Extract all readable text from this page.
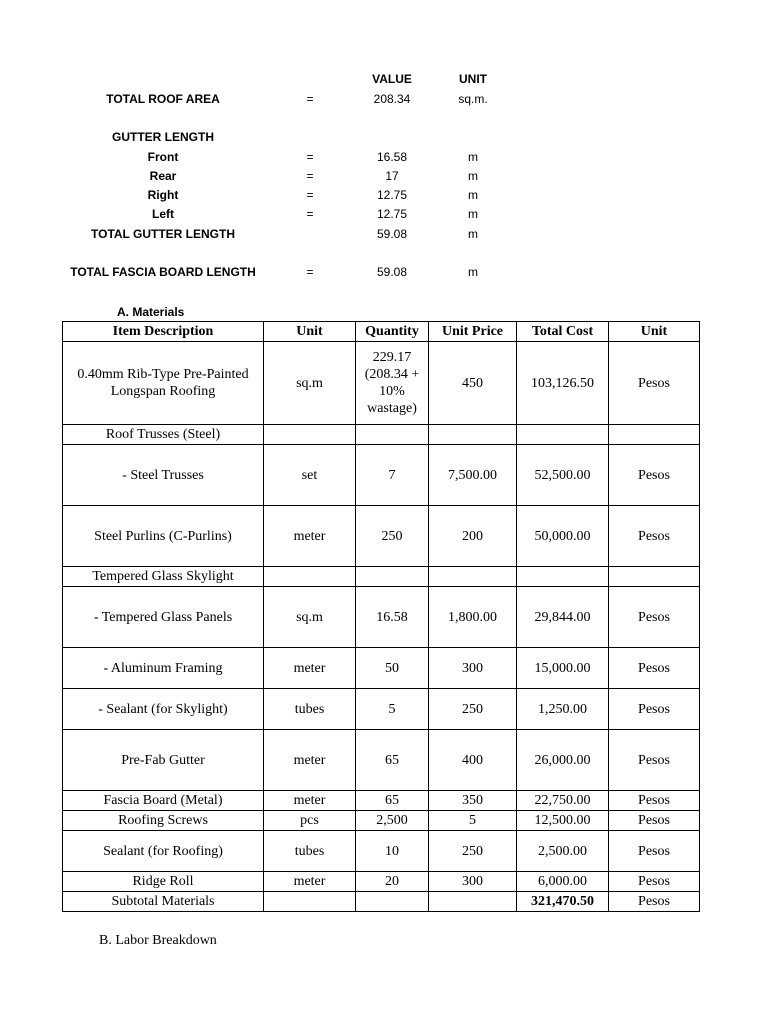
VALUE	UNIT
TOTAL ROOF AREA	=	208.34	sq.m.
GUTTER LENGTH
Front	=	16.58	m
Rear	=	17	m
Right	=	12.75	m
Left	=	12.75	m
TOTAL GUTTER LENGTH	59.08	m
TOTAL FASCIA BOARD LENGTH	=	59.08	m
A. Materials
Item Description	Unit	Quantity	Unit Price	Total Cost	Unit
0.40mm Rib-Type Pre-Painted Longspan Roofing	sq.m	229.17 (208.34 + 10% wastage)	450	103,126.50	Pesos
Roof Trusses (Steel)					
- Steel Trusses	set	7	7,500.00	52,500.00	Pesos
Steel Purlins (C-Purlins)	meter	250	200	50,000.00	Pesos
Tempered Glass Skylight					
- Tempered Glass Panels	sq.m	16.58	1,800.00	29,844.00	Pesos
- Aluminum Framing	meter	50	300	15,000.00	Pesos
- Sealant (for Skylight)	tubes	5	250	1,250.00	Pesos
Pre-Fab Gutter	meter	65	400	26,000.00	Pesos
Fascia Board (Metal)	meter	65	350	22,750.00	Pesos
Roofing Screws	pcs	2,500	5	12,500.00	Pesos
Sealant (for Roofing)	tubes	10	250	2,500.00	Pesos
Ridge Roll	meter	20	300	6,000.00	Pesos
Subtotal Materials				321,470.50	Pesos
B. Labor Breakdown
